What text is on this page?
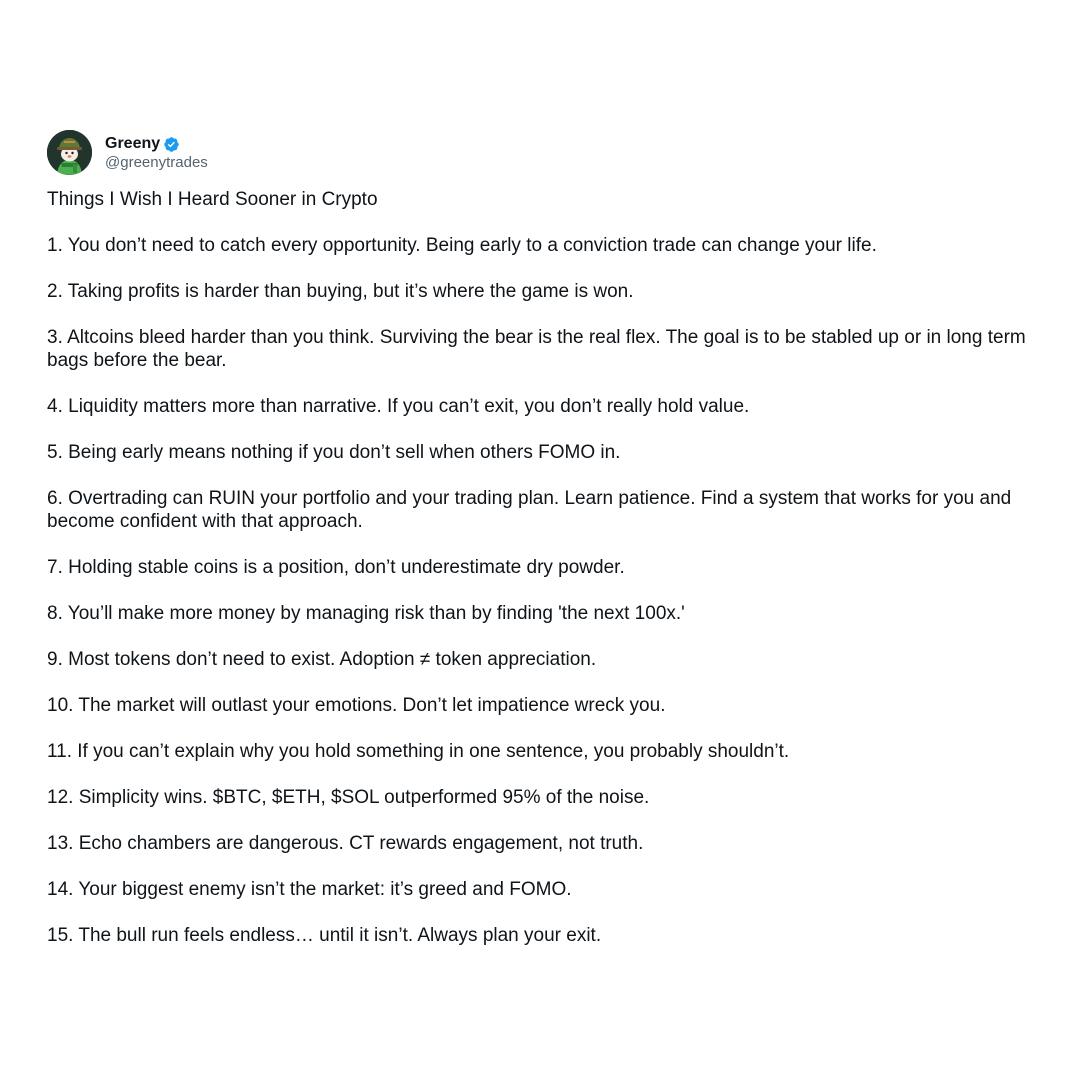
Greeny
@greenytrades
Things I Wish I Heard Sooner in Crypto
1. You don’t need to catch every opportunity. Being early to a conviction trade can change your life.
2. Taking profits is harder than buying, but it’s where the game is won.
3. Altcoins bleed harder than you think. Surviving the bear is the real flex. The goal is to be stabled up or in long term bags before the bear.
4. Liquidity matters more than narrative. If you can’t exit, you don’t really hold value.
5. Being early means nothing if you don’t sell when others FOMO in.
6. Overtrading can RUIN your portfolio and your trading plan. Learn patience. Find a system that works for you and become confident with that approach.
7. Holding stable coins is a position, don’t underestimate dry powder.
8. You’ll make more money by managing risk than by finding 'the next 100x.'
9. Most tokens don’t need to exist. Adoption ≠ token appreciation.
10. The market will outlast your emotions. Don’t let impatience wreck you.
11. If you can’t explain why you hold something in one sentence, you probably shouldn’t.
12. Simplicity wins. $BTC, $ETH, $SOL outperformed 95% of the noise.
13. Echo chambers are dangerous. CT rewards engagement, not truth.
14. Your biggest enemy isn’t the market: it’s greed and FOMO.
15. The bull run feels endless… until it isn’t. Always plan your exit.
